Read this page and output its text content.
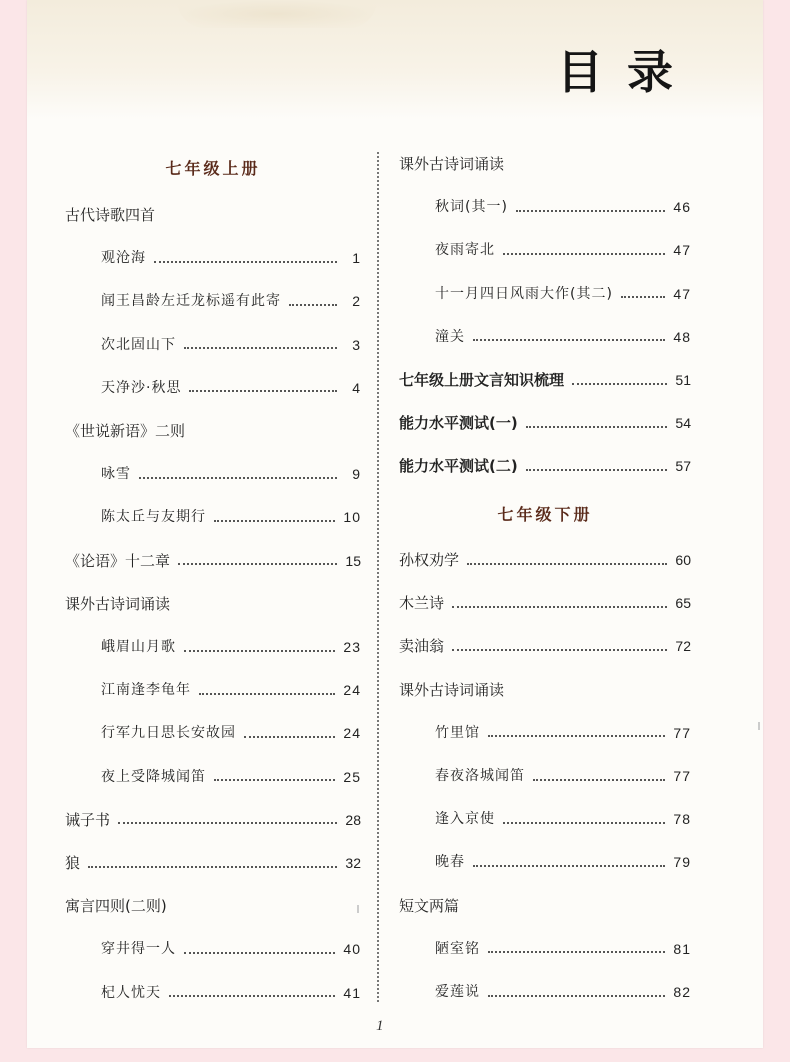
目录
七年级上册
古代诗歌四首
观沧海	1
闻王昌龄左迁龙标遥有此寄	2
次北固山下	3
天净沙·秋思	4
《世说新语》二则
咏雪	9
陈太丘与友期行	10
《论语》十二章	15
课外古诗词诵读
峨眉山月歌	23
江南逢李龟年	24
行军九日思长安故园	24
夜上受降城闻笛	25
诫子书	28
狼	32
寓言四则(二则)
穿井得一人	40
杞人忧天	41
七年级下册
课外古诗词诵读
秋词(其一)	46
夜雨寄北	47
十一月四日风雨大作(其二)	47
潼关	48
七年级上册文言知识梳理	51
能力水平测试(一)	54
能力水平测试(二)	57
孙权劝学	60
木兰诗	65
卖油翁	72
课外古诗词诵读
竹里馆	77
春夜洛城闻笛	77
逢入京使	78
晚春	79
短文两篇
陋室铭	81
爱莲说	82
1
